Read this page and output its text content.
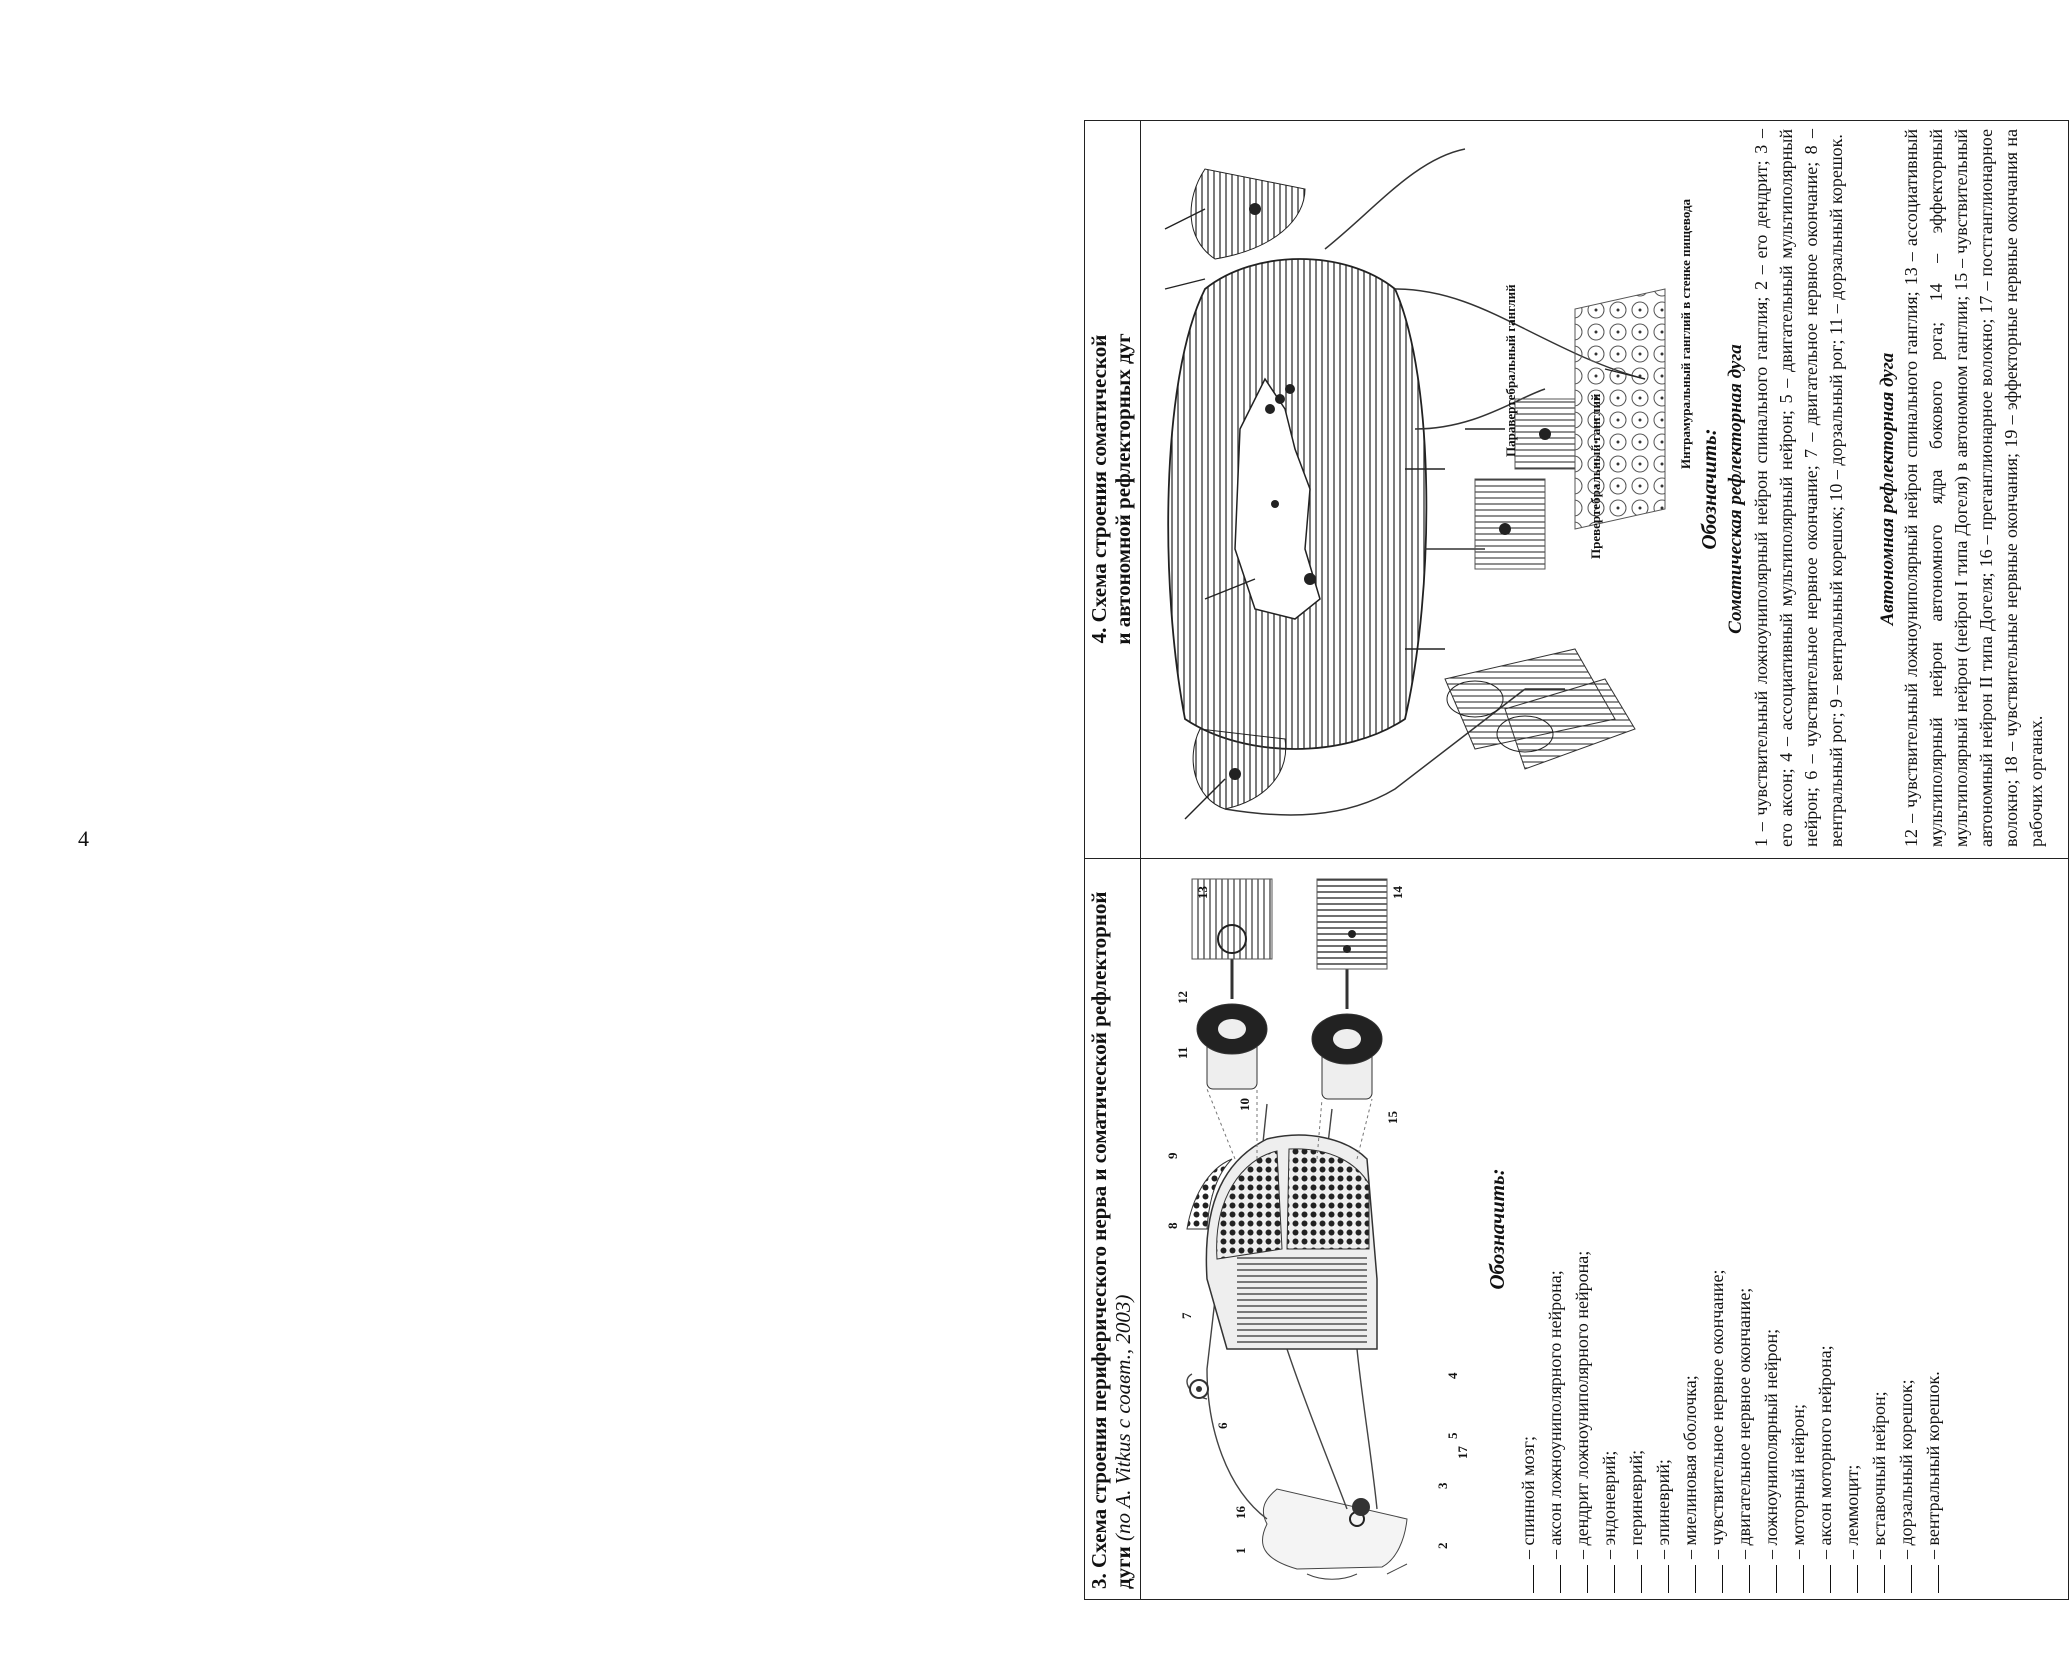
4
3. Схема строения периферического нерва и соматической рефлекторной дуги (по A. Vitkus с соавт., 2003)
4. Схема строения соматической и автономной рефлекторных дуг
1
2
3
4
5
6
7
8
9
10
11
12
13	14
15
16
17
Обозначить:
– спинной мозг; – аксон ложноуниполярного нейрона; – дендрит ложноуниполярного нейрона; – эндоневрий; – периневрий; – эпиневрий; – миелиновая оболочка; – чувствительное нервное окончание; – двигательное нервное окончание; – ложноуниполярный нейрон; – моторный нейрон; – аксон моторного нейрона; – леммоцит; – вставочный нейрон; – дорзальный корешок; – вентральный корешок.
Паравертебральный ганглий
Превертебральный ганглий
Интрамуральный ганглий в стенке пищевода
Обозначить: Соматическая рефлекторная дуга 1 – чувствительный ложноуниполярный нейрон спинального ганглия; 2 – его дендрит; 3 – его аксон; 4 – ассоциативный мультиполярный нейрон; 5 – двигательный мультиполярный нейрон; 6 – чувствительное нервное окончание; 7 – двигательное нервное окончание; 8 – вентральный рог; 9 – вентральный корешок; 10 – дорзальный рог; 11 – дорзальный корешок. Автономная рефлекторная дуга 12 – чувствительный ложноуниполярный нейрон спинального ганглия; 13 – ассоциативный мультиполярный нейрон автономного ядра бокового рога; 14 – эффекторный мультиполярный нейрон (нейрон I типа Догеля) в автономном ганглии; 15 – чувствительный автономный нейрон II типа Догеля; 16 – преганглионарное волокно; 17 – постганглионарное волокно; 18 – чувствительные нервные окончания; 19 – эффекторные нервные окончания на рабочих органах.
